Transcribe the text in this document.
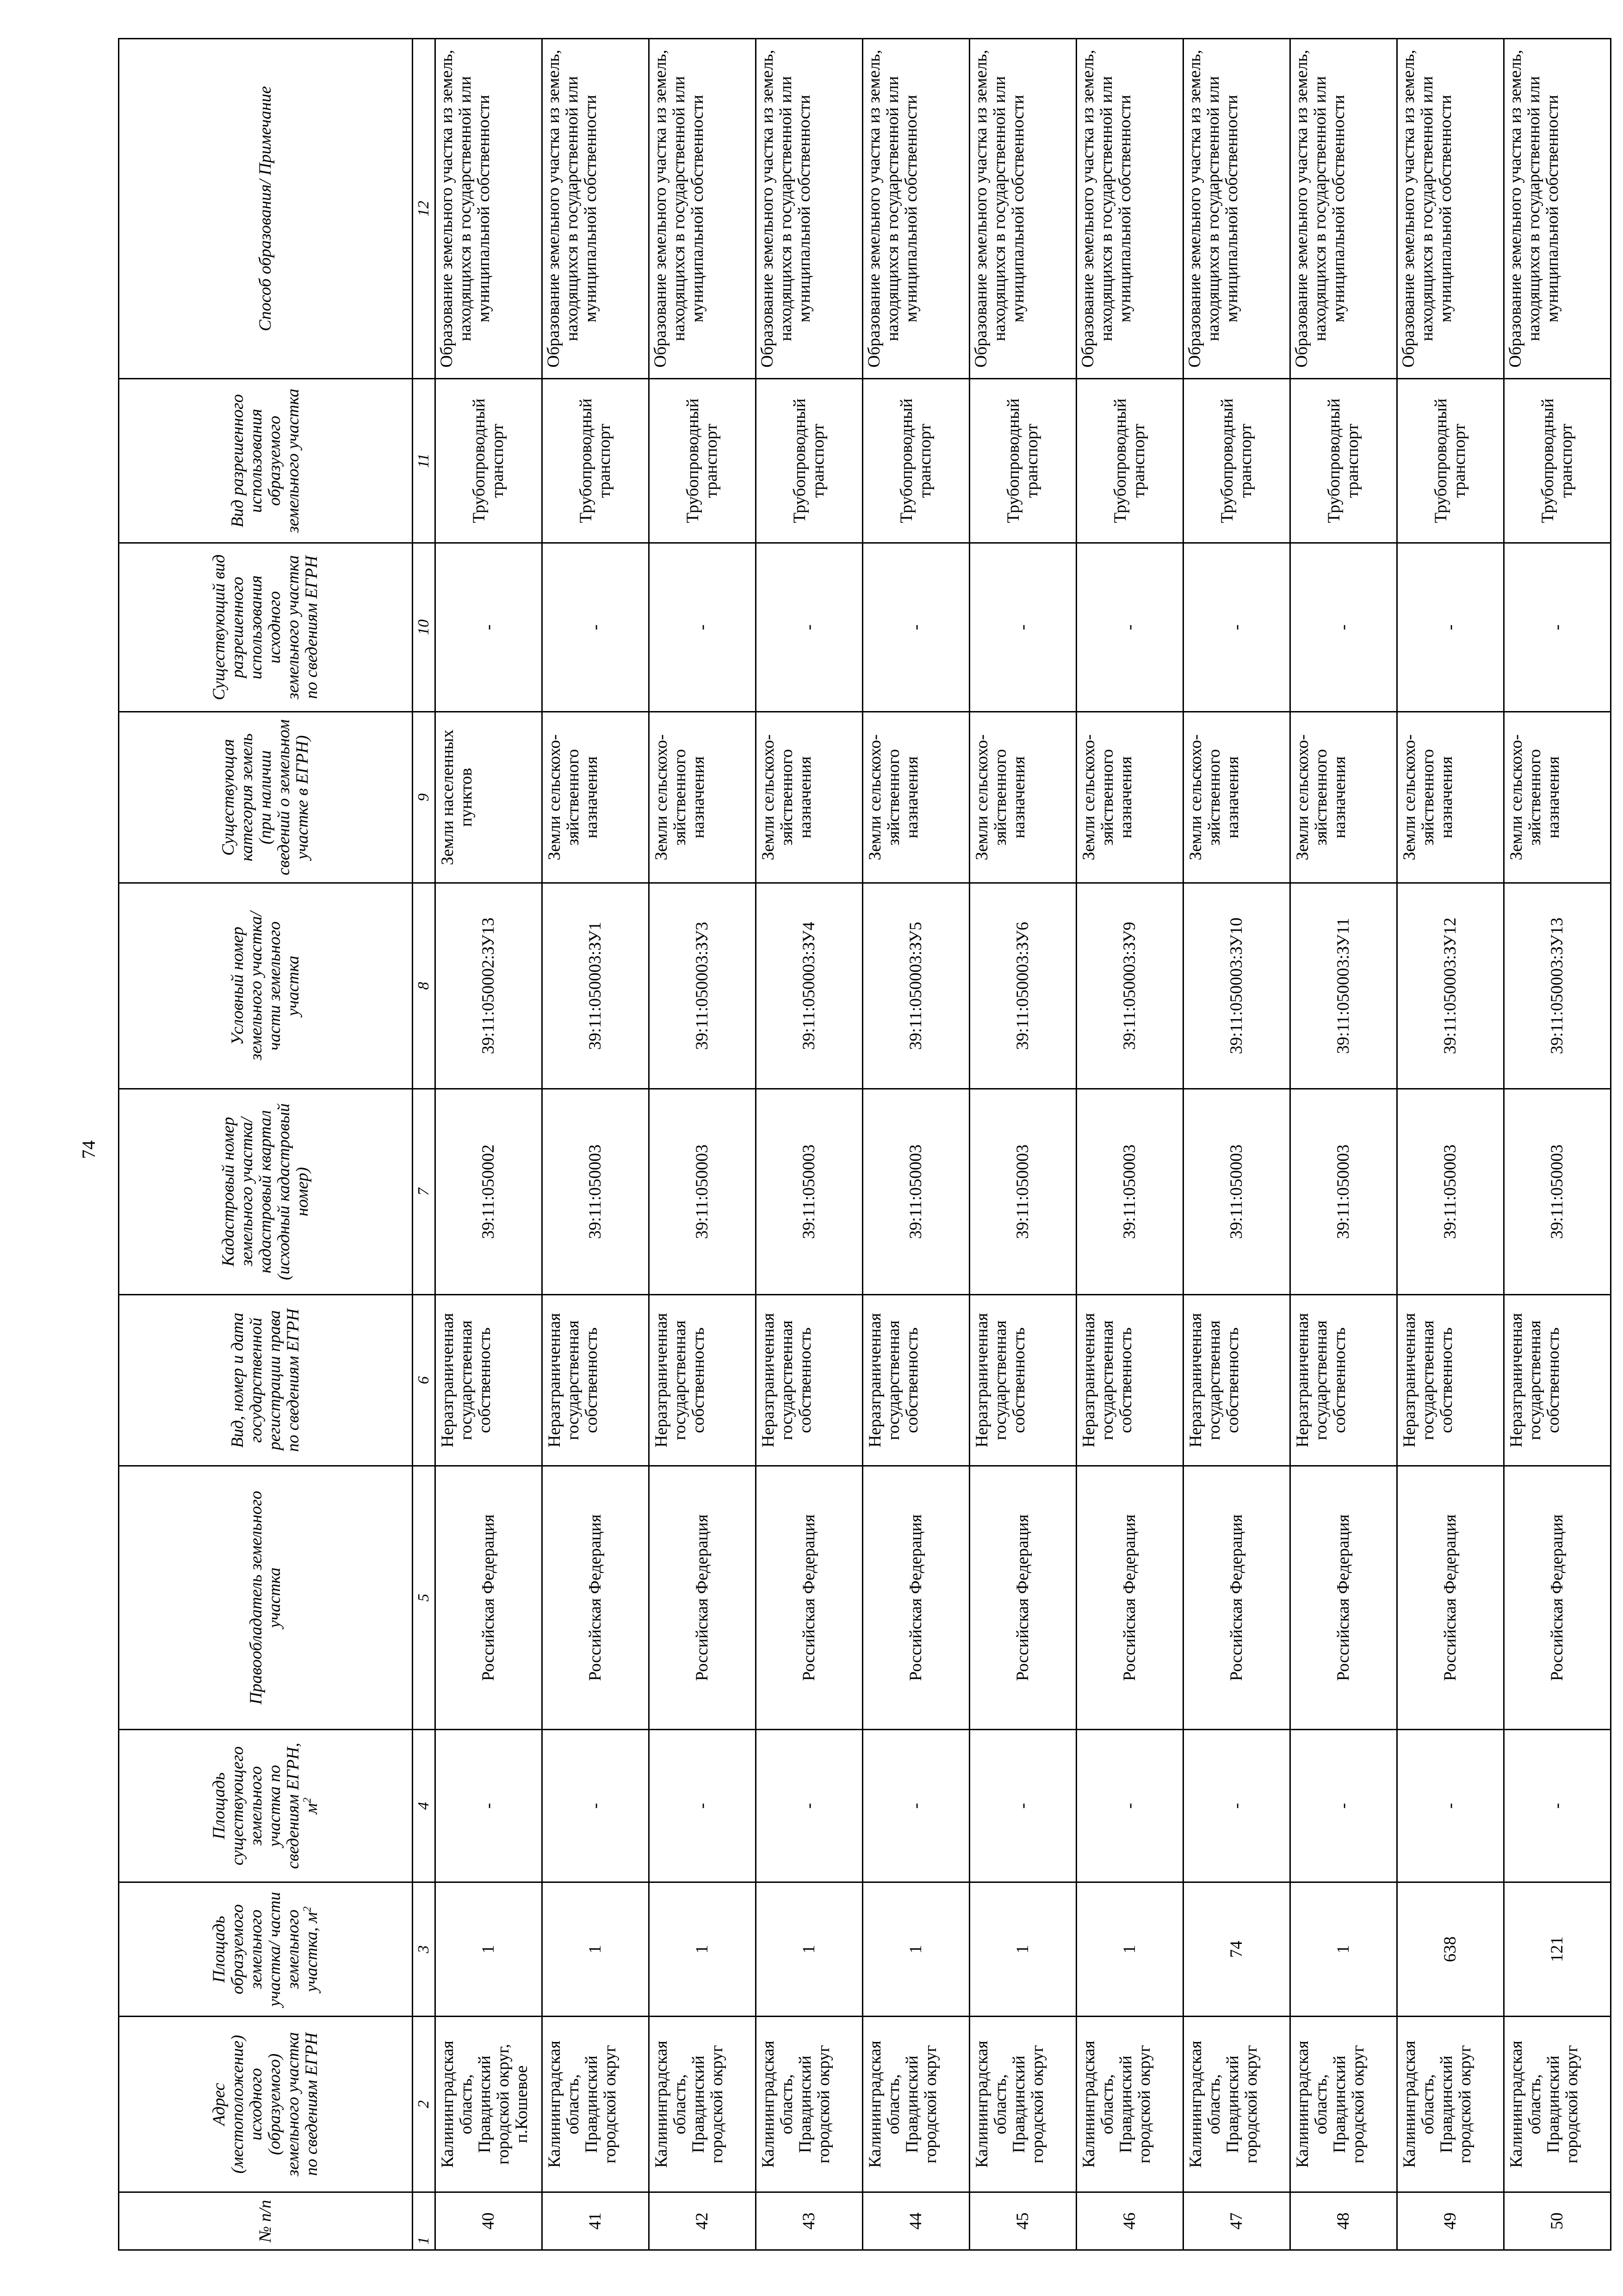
74
№ п/п	Адрес (местоположение) исходного (образуемого) земельного участка по сведениям ЕГРН	Площадь образуемого земельного участка/ части земельного участка, $м^2$	Площадь существующего земельного участка по сведениям ЕГРН, $м^2$	Правообладатель земельного участка	Вид, номер и дата государственной регистрации права по сведениям ЕГРН	Кадастровый номер земельного участка/ кадастровый квартал (исходный кадастровый номер)	Условный номер земельного участка/части земельного участка	Существующая категория земель (при наличии сведений о земельном участке в ЕГРН)	Существующий вид разрешенного использования исходного земельного участка по сведениям ЕГРН	Вид разрешенного использования образуемого земельного участка	Способ образования/ Примечание
1	2	3	4	5	6	7	8	9	10	11	12
40	Калининградская область, Правдинский городской округ, п.Кошевое	1	-	Российская Федерация	Неразграниченная государственная собственность	39:11:050002	39:11:050002:ЗУ13	Земли населенных пунктов	-	Трубопроводный транспорт	Образование земельного участка из земель, находящихся в государственной или муниципальной собственности
41	Калининградская область, Правдинский городской округ	1	-	Российская Федерация	Неразграниченная государственная собственность	39:11:050003	39:11:050003:ЗУ1	Земли сельскохо-зяйственного назначения	-	Трубопроводный транспорт	Образование земельного участка из земель, находящихся в государственной или муниципальной собственности
42	Калининградская область, Правдинский городской округ	1	-	Российская Федерация	Неразграниченная государственная собственность	39:11:050003	39:11:050003:ЗУ3	Земли сельскохо-зяйственного назначения	-	Трубопроводный транспорт	Образование земельного участка из земель, находящихся в государственной или муниципальной собственности
43	Калининградская область, Правдинский городской округ	1	-	Российская Федерация	Неразграниченная государственная собственность	39:11:050003	39:11:050003:ЗУ4	Земли сельскохо-зяйственного назначения	-	Трубопроводный транспорт	Образование земельного участка из земель, находящихся в государственной или муниципальной собственности
44	Калининградская область, Правдинский городской округ	1	-	Российская Федерация	Неразграниченная государственная собственность	39:11:050003	39:11:050003:ЗУ5	Земли сельскохо-зяйственного назначения	-	Трубопроводный транспорт	Образование земельного участка из земель, находящихся в государственной или муниципальной собственности
45	Калининградская область, Правдинский городской округ	1	-	Российская Федерация	Неразграниченная государственная собственность	39:11:050003	39:11:050003:ЗУ6	Земли сельскохо-зяйственного назначения	-	Трубопроводный транспорт	Образование земельного участка из земель, находящихся в государственной или муниципальной собственности
46	Калининградская область, Правдинский городской округ	1	-	Российская Федерация	Неразграниченная государственная собственность	39:11:050003	39:11:050003:ЗУ9	Земли сельскохо-зяйственного назначения	-	Трубопроводный транспорт	Образование земельного участка из земель, находящихся в государственной или муниципальной собственности
47	Калининградская область, Правдинский городской округ	74	-	Российская Федерация	Неразграниченная государственная собственность	39:11:050003	39:11:050003:ЗУ10	Земли сельскохо-зяйственного назначения	-	Трубопроводный транспорт	Образование земельного участка из земель, находящихся в государственной или муниципальной собственности
48	Калининградская область, Правдинский городской округ	1	-	Российская Федерация	Неразграниченная государственная собственность	39:11:050003	39:11:050003:ЗУ11	Земли сельскохо-зяйственного назначения	-	Трубопроводный транспорт	Образование земельного участка из земель, находящихся в государственной или муниципальной собственности
49	Калининградская область, Правдинский городской округ	638	-	Российская Федерация	Неразграниченная государственная собственность	39:11:050003	39:11:050003:ЗУ12	Земли сельскохо-зяйственного назначения	-	Трубопроводный транспорт	Образование земельного участка из земель, находящихся в государственной или муниципальной собственности
50	Калининградская область, Правдинский городской округ	121	-	Российская Федерация	Неразграниченная государственная собственность	39:11:050003	39:11:050003:ЗУ13	Земли сельскохо-зяйственного назначения	-	Трубопроводный транспорт	Образование земельного участка из земель, находящихся в государственной или муниципальной собственности
